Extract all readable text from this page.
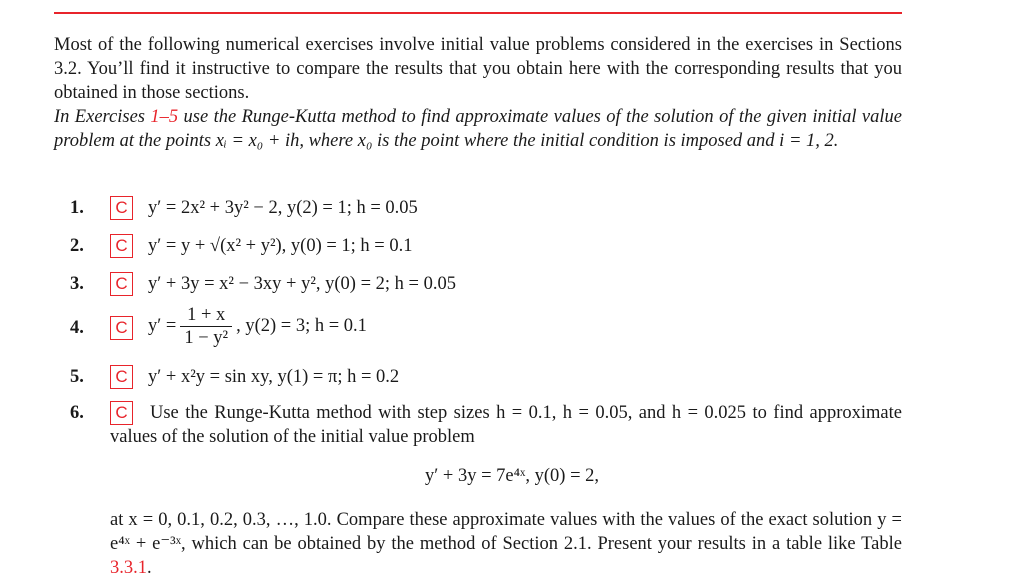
Most of the following numerical exercises involve initial value problems considered in the exercises in Sections 3.2. You’ll find it instructive to compare the results that you obtain here with the corresponding results that you obtained in those sections.

In Exercises 1–5 use the Runge-Kutta method to find approximate values of the solution of the given initial value problem at the points xᵢ = x₀ + ih, where x₀ is the point where the initial condition is imposed and i = 1, 2.

1.	C y′ = 2x² + 3y² − 2, y(2) = 1; h = 0.05
2.	C y′ = y + √(x² + y²), y(0) = 1; h = 0.1
3.	C y′ + 3y = x² − 3xy + y², y(0) = 2; h = 0.05
4.	C $y' = \frac{1 + x}{\text{1 − y²}}$ , y(2) = 3; h = 0.1
5.	C y′ + x²y = sin xy, y(1) = π; h = 0.2
6.	C	Use the Runge-Kutta method with step sizes h = 0.1, h = 0.05, and h = 0.025 to find approximate values of the solution of the initial value problem

y′ + 3y = 7e⁴ˣ, y(0) = 2,

at x = 0, 0.1, 0.2, 0.3, …, 1.0. Compare these approximate values with the values of the exact solution y = e⁴ˣ + e⁻³ˣ, which can be obtained by the method of Section 2.1. Present your results in a table like Table 3.3.1.
